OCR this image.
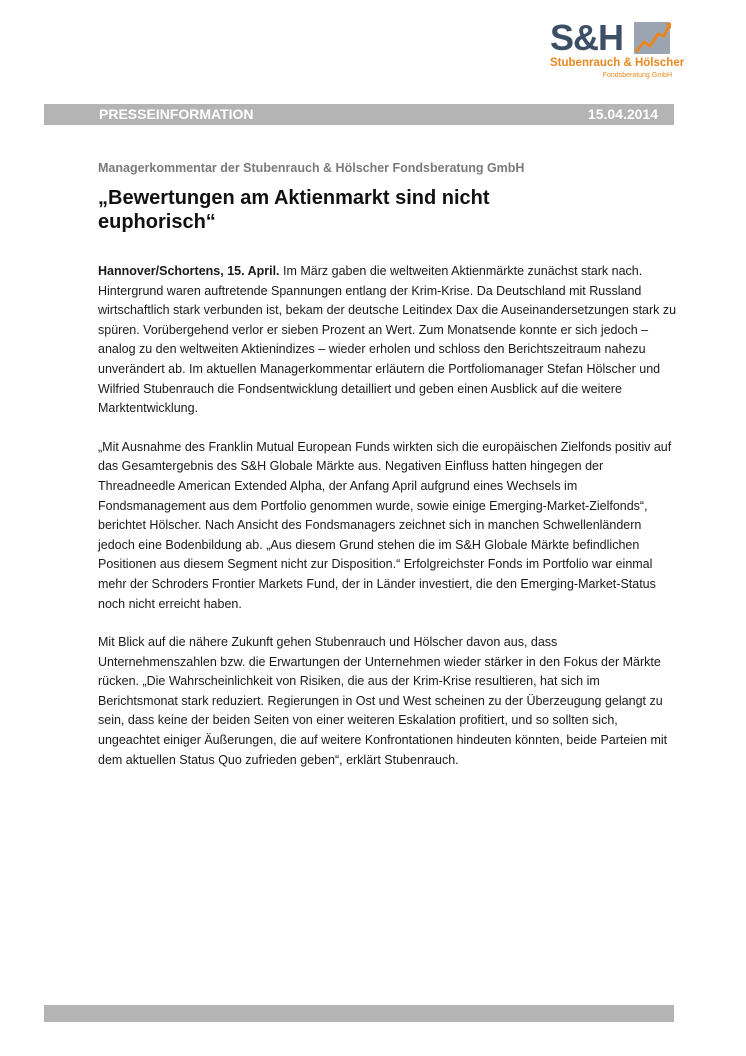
S&H
Stubenrauch & Hölscher
Fondsberatung GmbH
PRESSEINFORMATION	15.04.2014

Managerkommentar der Stubenrauch & Hölscher Fondsberatung GmbH

„Bewertungen am Aktienmarkt sind nicht
euphorisch“

Hannover/Schortens, 15. April. Im März gaben die weltweiten Aktienmärkte zunächst stark nach. Hintergrund waren auftretende Spannungen entlang der Krim-Krise. Da Deutschland mit Russland wirtschaftlich stark verbunden ist, bekam der deutsche Leitindex Dax die Auseinandersetzungen stark zu spüren. Vorübergehend verlor er sieben Prozent an Wert. Zum Monatsende konnte er sich jedoch – analog zu den weltweiten Aktienindizes – wieder erholen und schloss den Berichtszeitraum nahezu unverändert ab. Im aktuellen Managerkommentar erläutern die Portfoliomanager Stefan Hölscher und Wilfried Stubenrauch die Fondsentwicklung detailliert und geben einen Ausblick auf die weitere Marktentwicklung.

„Mit Ausnahme des Franklin Mutual European Funds wirkten sich die europäischen Zielfonds positiv auf das Gesamtergebnis des S&H Globale Märkte aus. Negativen Einfluss hatten hingegen der Threadneedle American Extended Alpha, der Anfang April aufgrund eines Wechsels im Fondsmanagement aus dem Portfolio genommen wurde, sowie einige Emerging-Market-Zielfonds“, berichtet Hölscher. Nach Ansicht des Fondsmanagers zeichnet sich in manchen Schwellenländern jedoch eine Bodenbildung ab. „Aus diesem Grund stehen die im S&H Globale Märkte befindlichen Positionen aus diesem Segment nicht zur Disposition.“ Erfolgreichster Fonds im Portfolio war einmal mehr der Schroders Frontier Markets Fund, der in Länder investiert, die den Emerging-Market-Status noch nicht erreicht haben.

Mit Blick auf die nähere Zukunft gehen Stubenrauch und Hölscher davon aus, dass Unternehmenszahlen bzw. die Erwartungen der Unternehmen wieder stärker in den Fokus der Märkte rücken. „Die Wahrscheinlichkeit von Risiken, die aus der Krim-Krise resultieren, hat sich im Berichtsmonat stark reduziert. Regierungen in Ost und West scheinen zu der Überzeugung gelangt zu sein, dass keine der beiden Seiten von einer weiteren Eskalation profitiert, und so sollten sich, ungeachtet einiger Äußerungen, die auf weitere Konfrontationen hindeuten könnten, beide Parteien mit dem aktuellen Status Quo zufrieden geben“, erklärt Stubenrauch.
